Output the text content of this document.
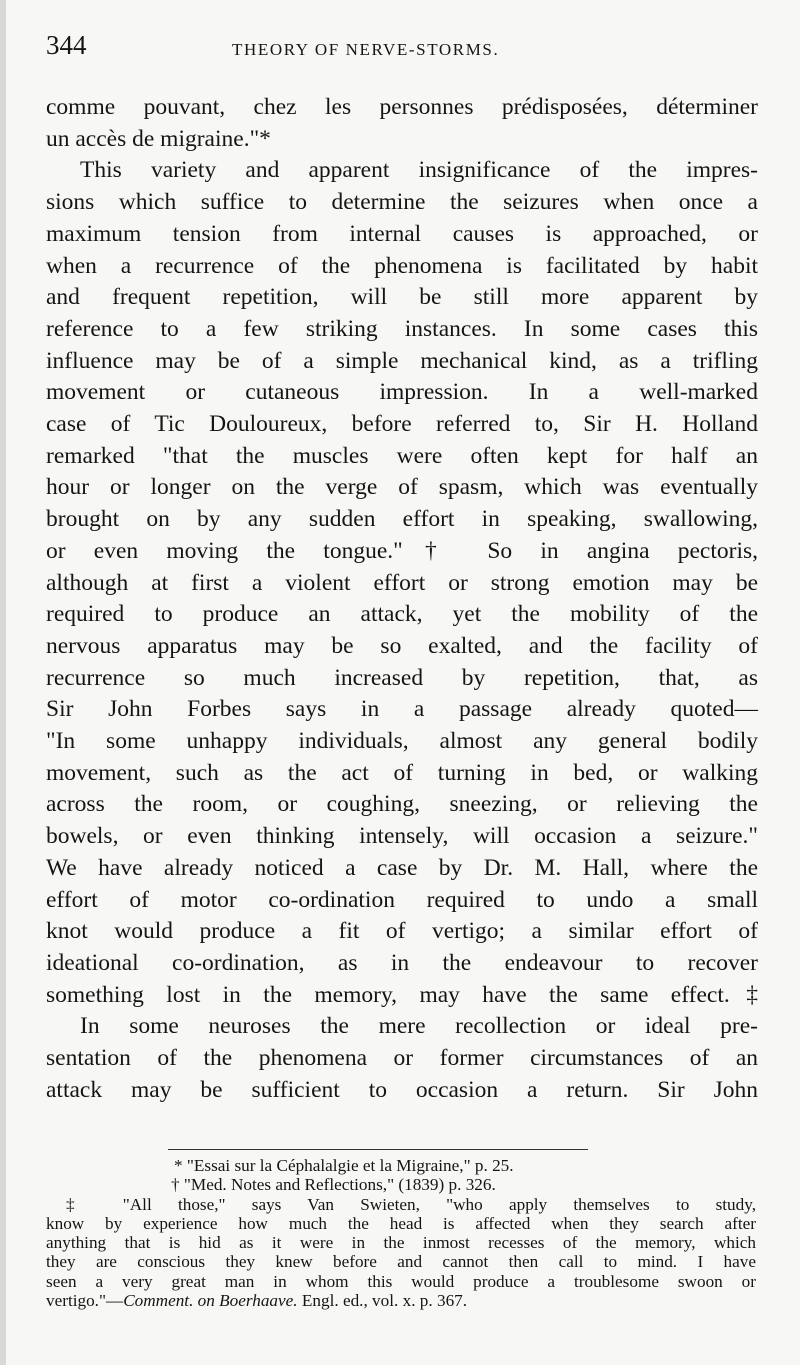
344	THEORY OF NERVE-STORMS.
comme pouvant, chez les personnes prédisposées, déterminer
un accès de migraine."*
This variety and apparent insignificance of the impres-
sions which suffice to determine the seizures when once a
maximum tension from internal causes is approached, or
when a recurrence of the phenomena is facilitated by habit
and frequent repetition, will be still more apparent by
reference to a few striking instances. In some cases this
influence may be of a simple mechanical kind, as a trifling
movement or cutaneous impression. In a well-marked
case of Tic Douloureux, before referred to, Sir H. Holland
remarked "that the muscles were often kept for half an
hour or longer on the verge of spasm, which was eventually
brought on by any sudden effort in speaking, swallowing,
or even moving the tongue."† So in angina pectoris,
although at first a violent effort or strong emotion may be
required to produce an attack, yet the mobility of the
nervous apparatus may be so exalted, and the facility of
recurrence so much increased by repetition, that, as
Sir John Forbes says in a passage already quoted—
"In some unhappy individuals, almost any general bodily
movement, such as the act of turning in bed, or walking
across the room, or coughing, sneezing, or relieving the
bowels, or even thinking intensely, will occasion a seizure."
We have already noticed a case by Dr. M. Hall, where the
effort of motor co-ordination required to undo a small
knot would produce a fit of vertigo; a similar effort of
ideational co-ordination, as in the endeavour to recover
something lost in the memory, may have the same effect.‡
In some neuroses the mere recollection or ideal pre-
sentation of the phenomena or former circumstances of an
attack may be sufficient to occasion a return. Sir John
* "Essai sur la Céphalalgie et la Migraine," p. 25.
† "Med. Notes and Reflections," (1839) p. 326.
‡ "All those," says Van Swieten, "who apply themselves to study,
know by experience how much the head is affected when they search after
anything that is hid as it were in the inmost recesses of the memory, which
they are conscious they knew before and cannot then call to mind. I have
seen a very great man in whom this would produce a troublesome swoon or
vertigo."—Comment. on Boerhaave. Engl. ed., vol. x. p. 367.
